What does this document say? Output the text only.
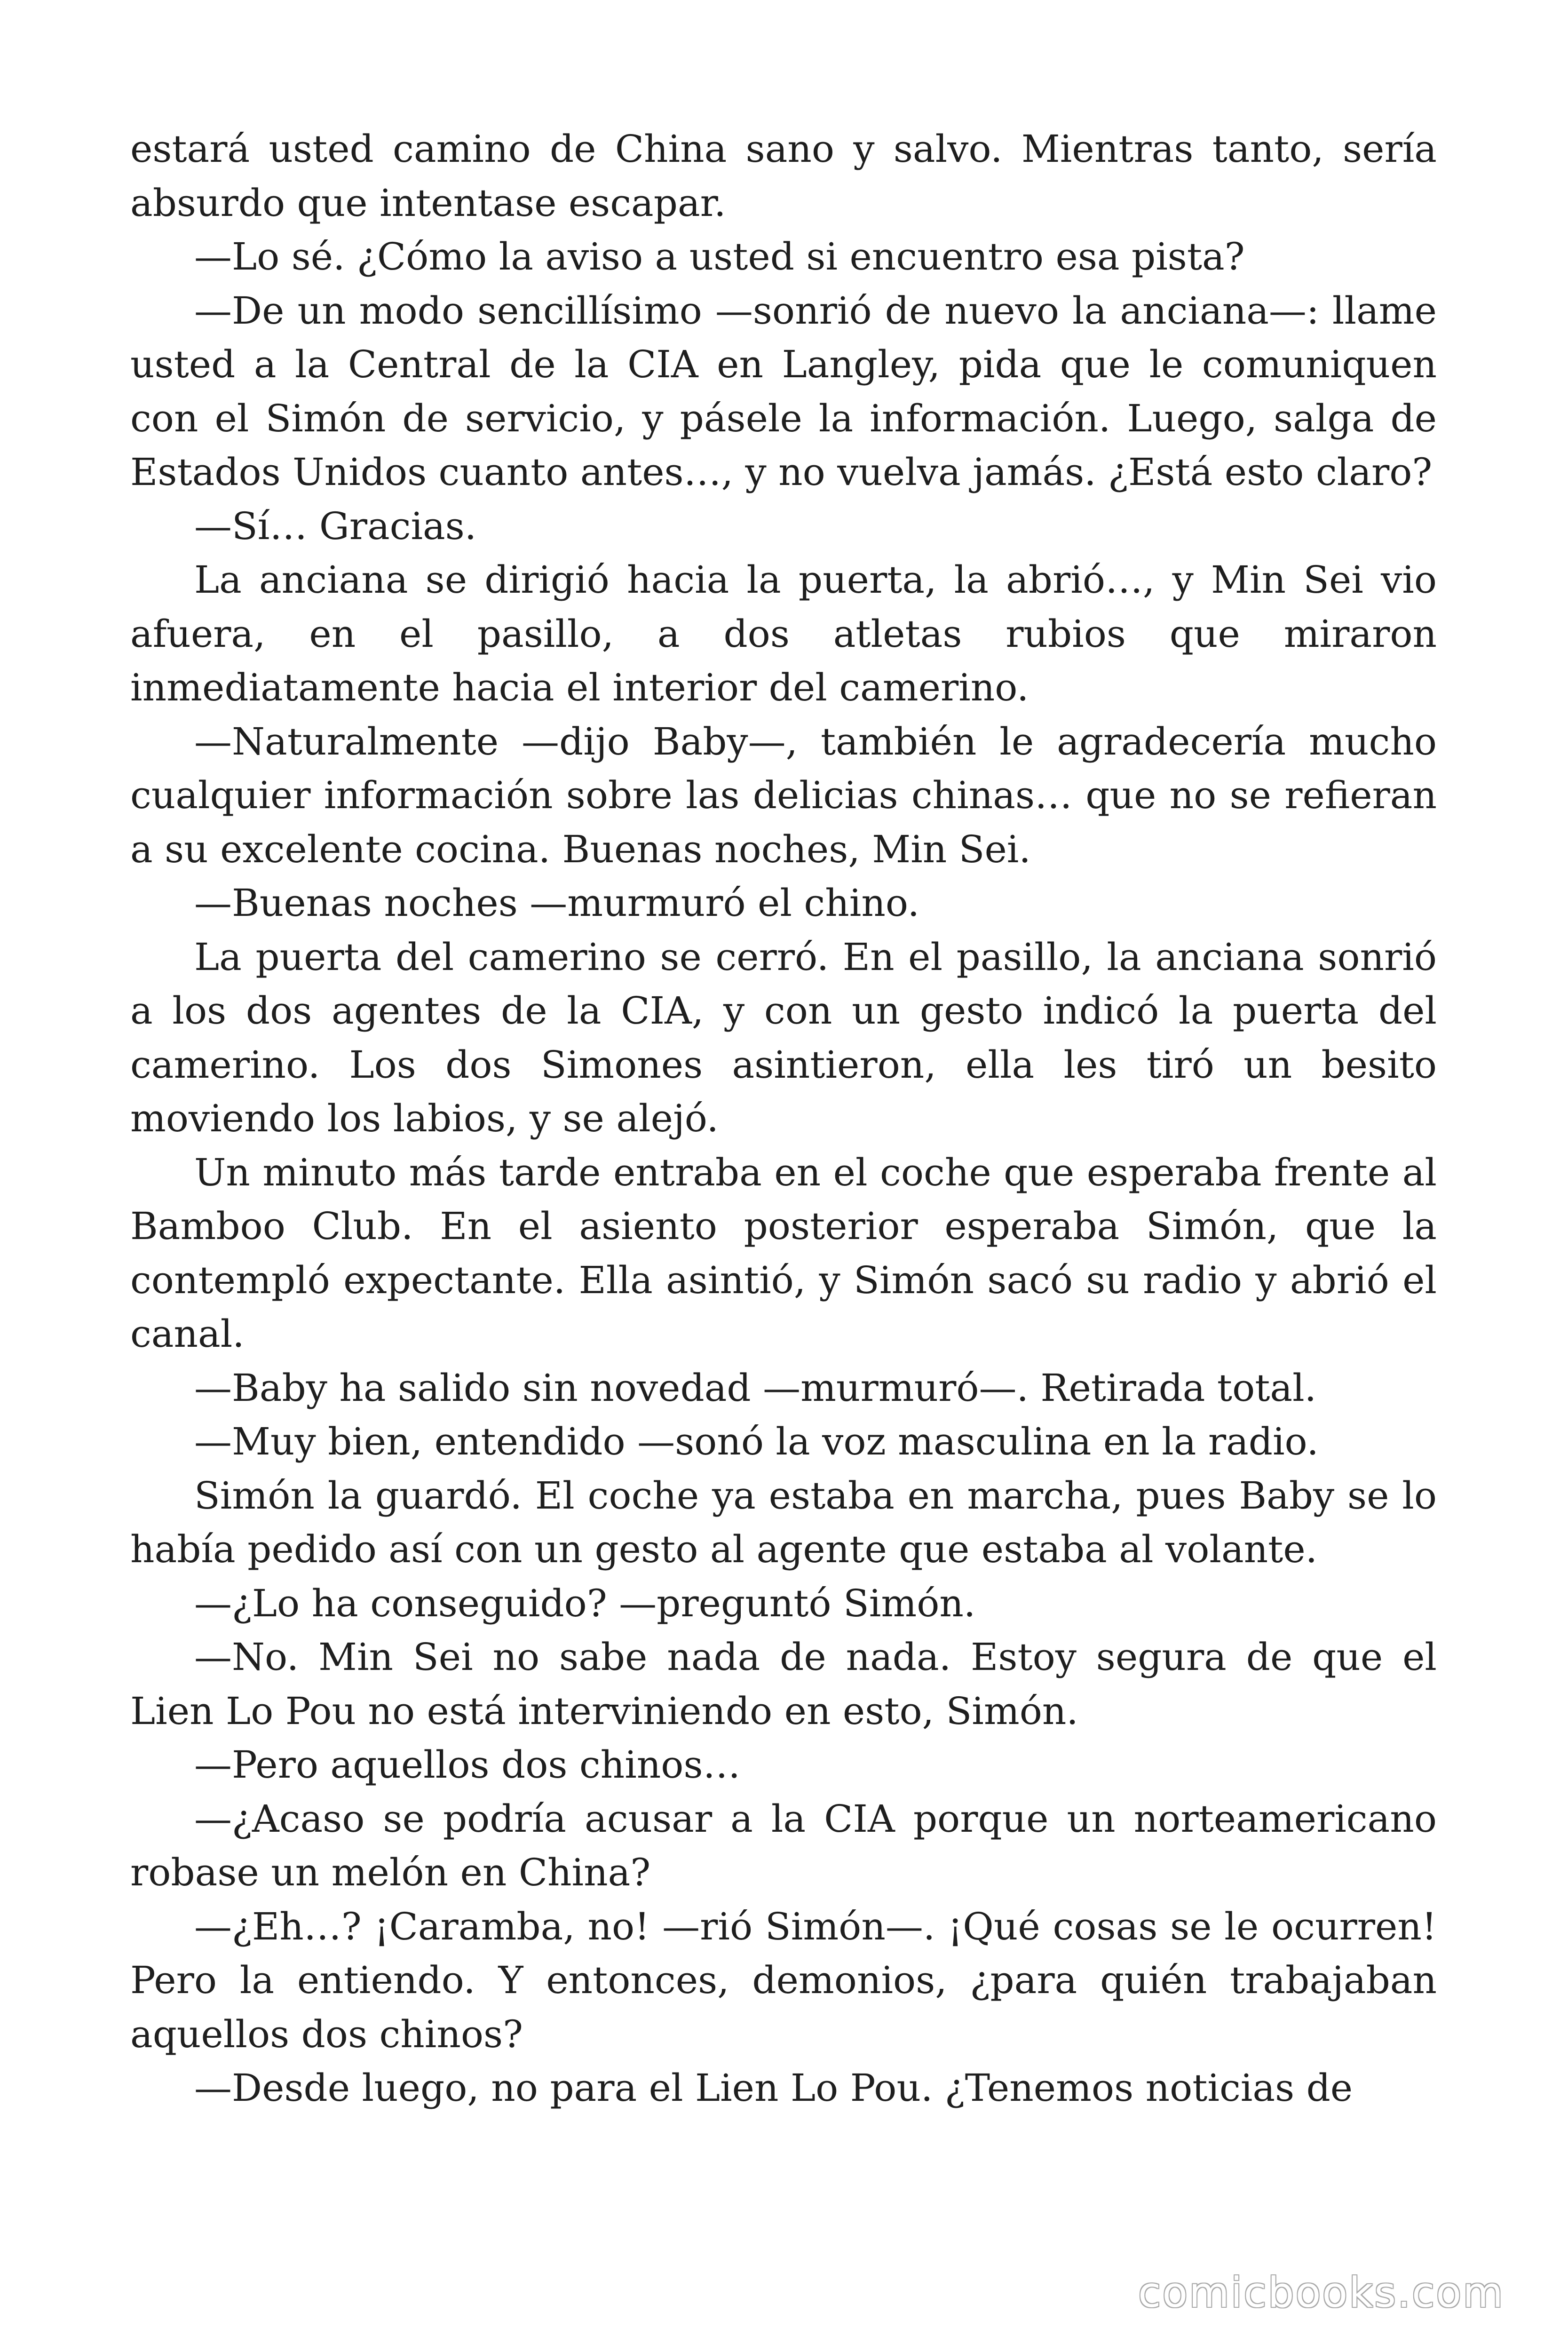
estará usted camino de China sano y salvo. Mientras tanto, sería absurdo que intentase escapar.

—Lo sé. ¿Cómo la aviso a usted si encuentro esa pista?

—De un modo sencillísimo —sonrió de nuevo la anciana—: llame usted a la Central de la CIA en Langley, pida que le comuniquen con el Simón de servicio, y pásele la información. Luego, salga de Estados Unidos cuanto antes…, y no vuelva jamás. ¿Está esto claro?

—Sí… Gracias.

La anciana se dirigió hacia la puerta, la abrió…, y Min Sei vio afuera, en el pasillo, a dos atletas rubios que miraron inmediatamente hacia el interior del camerino.

—Naturalmente —dijo Baby—, también le agradecería mucho cualquier información sobre las delicias chinas… que no se refieran a su excelente cocina. Buenas noches, Min Sei.

—Buenas noches —murmuró el chino.

La puerta del camerino se cerró. En el pasillo, la anciana sonrió a los dos agentes de la CIA, y con un gesto indicó la puerta del camerino. Los dos Simones asintieron, ella les tiró un besito moviendo los labios, y se alejó.

Un minuto más tarde entraba en el coche que esperaba frente al Bamboo Club. En el asiento posterior esperaba Simón, que la contempló expectante. Ella asintió, y Simón sacó su radio y abrió el canal.

—Baby ha salido sin novedad —murmuró—. Retirada total.

—Muy bien, entendido —sonó la voz masculina en la radio.

Simón la guardó. El coche ya estaba en marcha, pues Baby se lo había pedido así con un gesto al agente que estaba al volante.

—¿Lo ha conseguido? —preguntó Simón.

—No. Min Sei no sabe nada de nada. Estoy segura de que el Lien Lo Pou no está interviniendo en esto, Simón.

—Pero aquellos dos chinos…

—¿Acaso se podría acusar a la CIA porque un norteamericano robase un melón en China?

—¿Eh…? ¡Caramba, no! —rió Simón—. ¡Qué cosas se le ocurren! Pero la entiendo. Y entonces, demonios, ¿para quién trabajaban aquellos dos chinos?

—Desde luego, no para el Lien Lo Pou. ¿Tenemos noticias de

comicbooks.com
